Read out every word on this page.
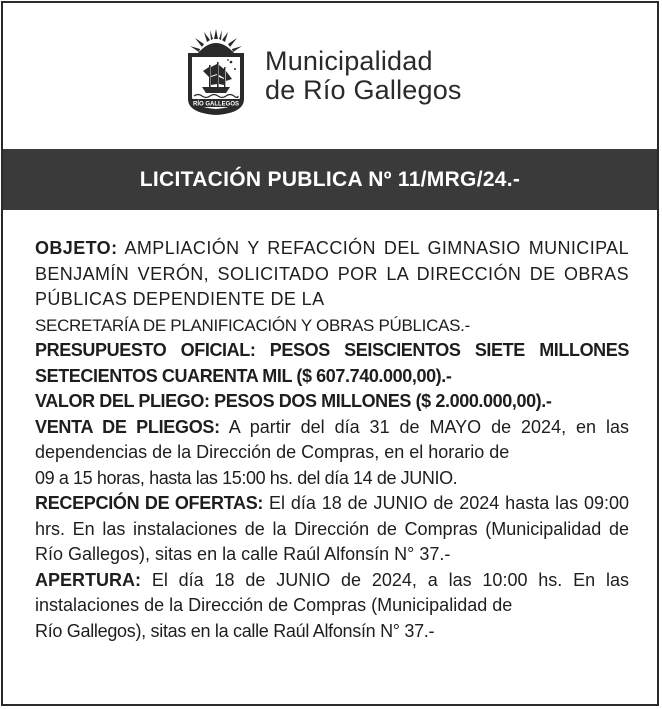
RÍO GALLEGOS
Municipalidad
de Río Gallegos
LICITACIÓN PUBLICA Nº 11/MRG/24.-

OBJETO: AMPLIACIÓN Y REFACCIÓN DEL GIMNASIO MUNICIPAL BENJAMÍN VERÓN, SOLICITADO POR LA DIRECCIÓN DE OBRAS PÚBLICAS DEPENDIENTE DE LA

SECRETARÍA DE PLANIFICACIÓN Y OBRAS PÚBLICAS.-

PRESUPUESTO OFICIAL: PESOS SEISCIENTOS SIETE MILLONES SETECIENTOS CUARENTA MIL ($ 607.740.000,00).-

VALOR DEL PLIEGO: PESOS DOS MILLONES ($ 2.000.000,00).-

VENTA DE PLIEGOS: A partir del día 31 de MAYO de 2024, en las dependencias de la Dirección de Compras, en el horario de

09 a 15 horas, hasta las 15:00 hs. del día 14 de JUNIO.

RECEPCIÓN DE OFERTAS: El día 18 de JUNIO de 2024 hasta las 09:00 hrs. En las instalaciones de la Dirección de Compras (Municipalidad de Río Gallegos), sitas en la calle Raúl Alfonsín N° 37.-

APERTURA: El día 18 de JUNIO de 2024, a las 10:00 hs. En las instalaciones de la Dirección de Compras (Municipalidad de

Río Gallegos), sitas en la calle Raúl Alfonsín N° 37.-
